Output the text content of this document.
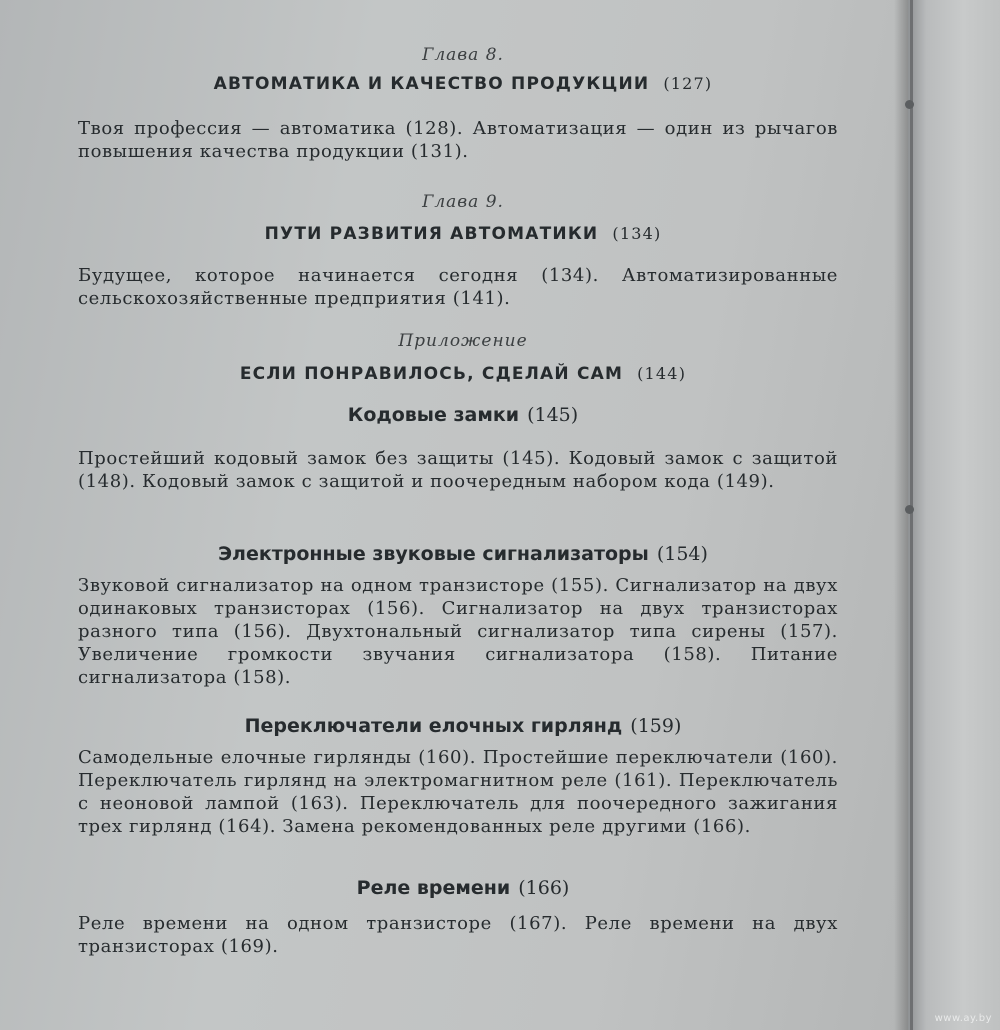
Глава 8.
АВТОМАТИКА И КАЧЕСТВО ПРОДУКЦИИ (127)
Твоя профессия — автоматика (128). Автоматизация — один из рычагов повышения качества продукции (131).
Глава 9.
ПУТИ РАЗВИТИЯ АВТОМАТИКИ (134)
Будущее, которое начинается сегодня (134). Автоматизированные сельскохозяйственные предприятия (141).
Приложение
ЕСЛИ ПОНРАВИЛОСЬ, СДЕЛАЙ САМ (144)
Кодовые замки (145)
Простейший кодовый замок без защиты (145). Кодовый замок с защитой (148). Кодовый замок с защитой и поочередным набором кода (149).
Электронные звуковые сигнализаторы (154)
Звуковой сигнализатор на одном транзисторе (155). Сигнализатор на двух одинаковых транзисторах (156). Сигнализатор на двух транзисторах разного типа (156). Двухтональный сигнализатор типа сирены (157). Увеличение громкости звучания сигнализатора (158). Питание сигнализатора (158).
Переключатели елочных гирлянд (159)
Самодельные елочные гирлянды (160). Простейшие переключатели (160). Переключатель гирлянд на электромагнитном реле (161). Переключатель с неоновой лампой (163). Переключатель для поочередного зажигания трех гирлянд (164). Замена рекомендованных реле другими (166).
Реле времени (166)
Реле времени на одном транзисторе (167). Реле времени на двух транзисторах (169).
www.ay.by
